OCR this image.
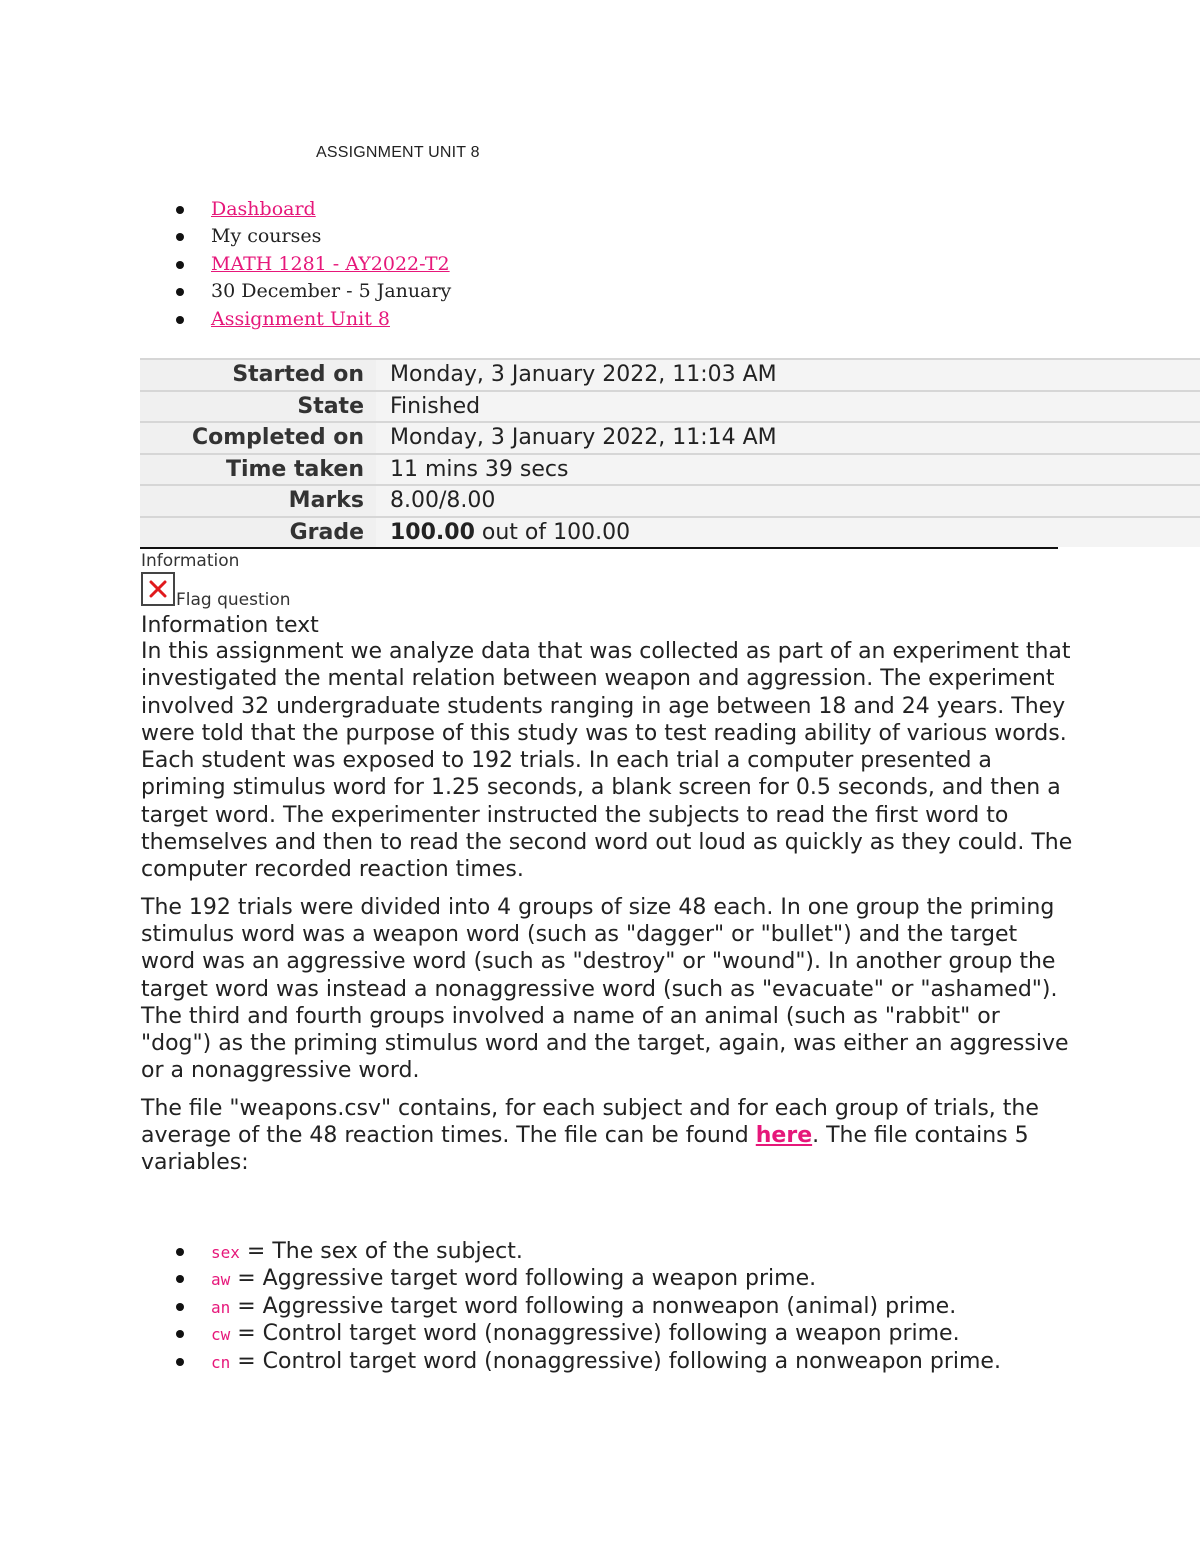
ASSIGNMENT UNIT 8
Dashboard
My courses
MATH 1281 - AY2022-T2
30 December - 5 January
Assignment Unit 8
Started on	Monday, 3 January 2022, 11:03 AM
State	Finished
Completed on	Monday, 3 January 2022, 11:14 AM
Time taken	11 mins 39 secs
Marks	8.00/8.00
Grade	100.00 out of 100.00
Information
Flag question
Information text

In this assignment we analyze data that was collected as part of an experiment that investigated the mental relation between weapon and aggression. The experiment involved 32 undergraduate students ranging in age between 18 and 24 years. They were told that the purpose of this study was to test reading ability of various words. Each student was exposed to 192 trials. In each trial a computer presented a priming stimulus word for 1.25 seconds, a blank screen for 0.5 seconds, and then a target word. The experimenter instructed the subjects to read the first word to themselves and then to read the second word out loud as quickly as they could. The computer recorded reaction times.

The 192 trials were divided into 4 groups of size 48 each. In one group the priming stimulus word was a weapon word (such as "dagger" or "bullet") and the target word was an aggressive word (such as "destroy" or "wound"). In another group the target word was instead a nonaggressive word (such as "evacuate" or "ashamed"). The third and fourth groups involved a name of an animal (such as "rabbit" or "dog") as the priming stimulus word and the target, again, was either an aggressive or a nonaggressive word.

The file "weapons.csv" contains, for each subject and for each group of trials, the average of the 48 reaction times. The file can be found here. The file contains 5 variables:

sex = The sex of the subject.
aw = Aggressive target word following a weapon prime.
an = Aggressive target word following a nonweapon (animal) prime.
cw = Control target word (nonaggressive) following a weapon prime.
cn = Control target word (nonaggressive) following a nonweapon prime.
